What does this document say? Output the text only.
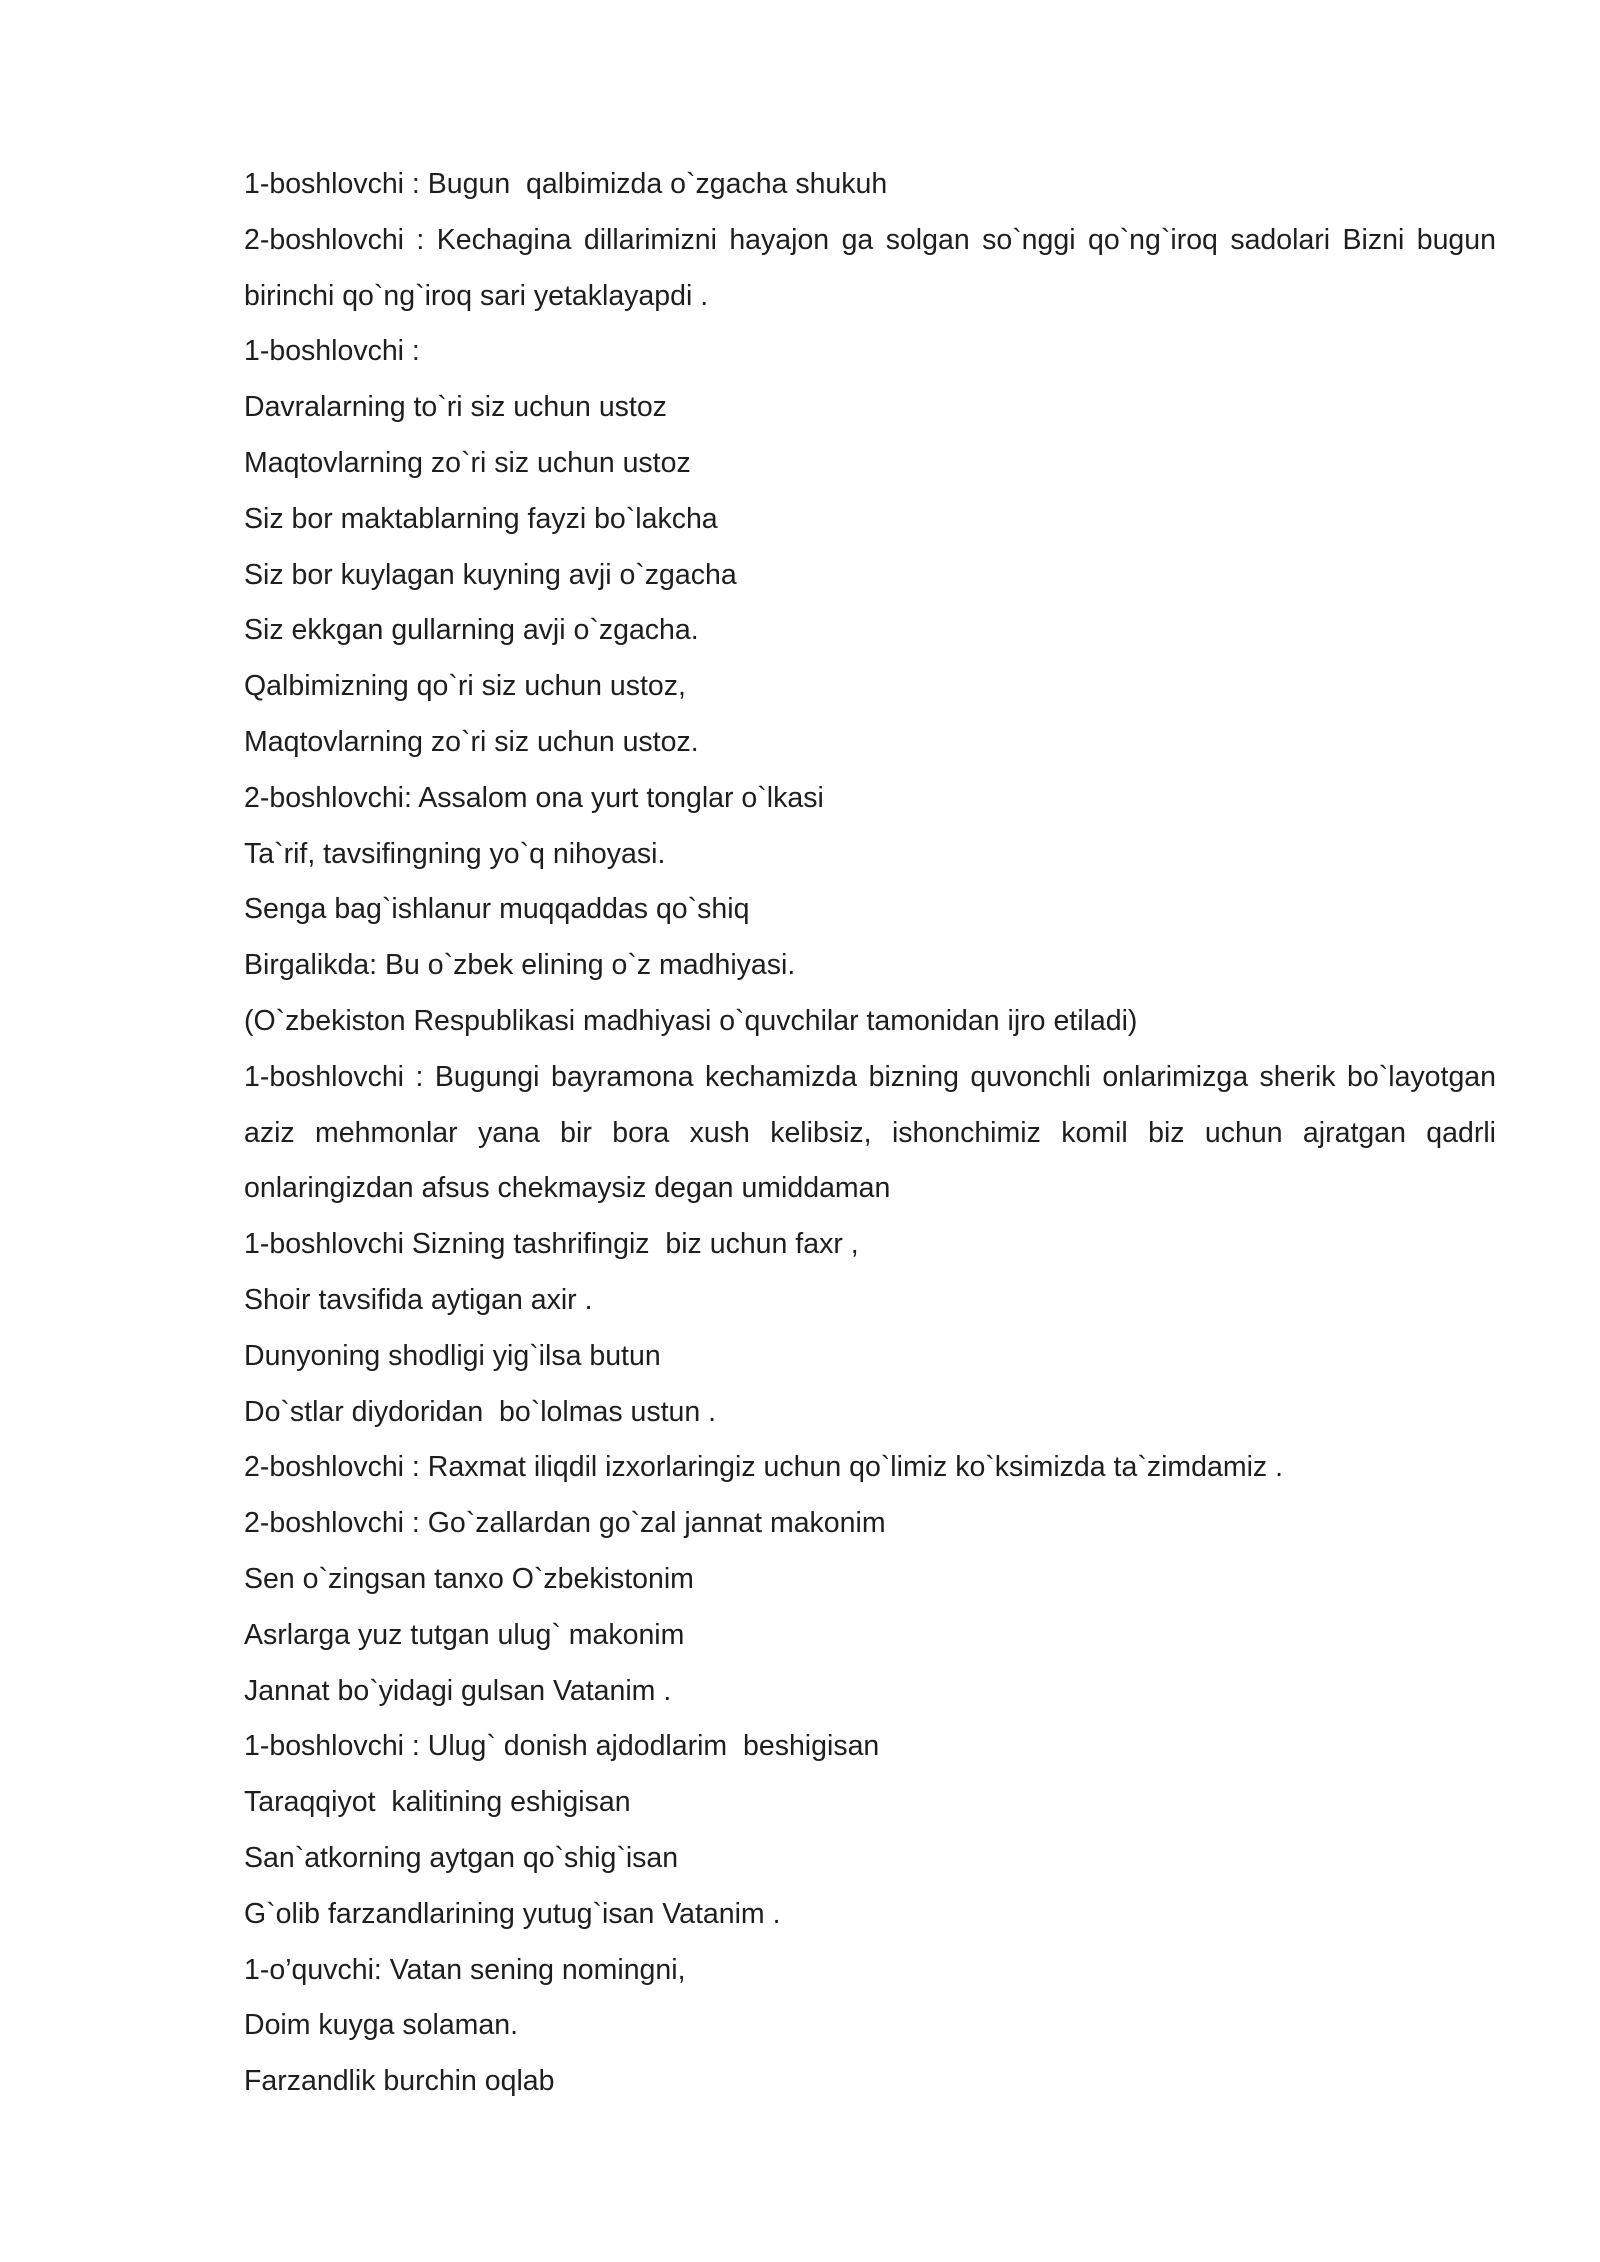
1-boshlovchi : Bugun  qalbimizda o`zgacha shukuh

2-boshlovchi : Kechagina dillarimizni hayajon ga solgan so`nggi qo`ng`iroq sadolari Bizni bugun birinchi qo`ng`iroq sari yetaklayapdi .

1-boshlovchi :

Davralarning to`ri siz uchun ustoz

Maqtovlarning zo`ri siz uchun ustoz

Siz bor maktablarning fayzi bo`lakcha

Siz bor kuylagan kuyning avji o`zgacha

Siz ekkgan gullarning avji o`zgacha.

Qalbimizning qo`ri siz uchun ustoz,

Maqtovlarning zo`ri siz uchun ustoz.

2-boshlovchi: Assalom ona yurt tonglar o`lkasi

Ta`rif, tavsifingning yo`q nihoyasi.

Senga bag`ishlanur muqqaddas qo`shiq

Birgalikda: Bu o`zbek elining o`z madhiyasi.

(O`zbekiston Respublikasi madhiyasi o`quvchilar tamonidan ijro etiladi)

1-boshlovchi : Bugungi bayramona kechamizda bizning quvonchli onlarimizga sherik bo`layotgan aziz mehmonlar yana bir bora xush kelibsiz, ishonchimiz komil biz uchun ajratgan qadrli onlaringizdan afsus chekmaysiz degan umiddaman

1-boshlovchi Sizning tashrifingiz  biz uchun faxr ,

Shoir tavsifida aytigan axir .

Dunyoning shodligi yig`ilsa butun

Do`stlar diydoridan  bo`lolmas ustun .

2-boshlovchi : Raxmat iliqdil izxorlaringiz uchun qo`limiz ko`ksimizda ta`zimdamiz .

2-boshlovchi : Go`zallardan go`zal jannat makonim

Sen o`zingsan tanxo O`zbekistonim

Asrlarga yuz tutgan ulug` makonim

Jannat bo`yidagi gulsan Vatanim .

1-boshlovchi : Ulug` donish ajdodlarim  beshigisan

Taraqqiyot  kalitining eshigisan

San`atkorning aytgan qo`shig`isan

G`olib farzandlarining yutug`isan Vatanim .

1-o’quvchi: Vatan sening nomingni,

Doim kuyga solaman.

Farzandlik burchin oqlab
